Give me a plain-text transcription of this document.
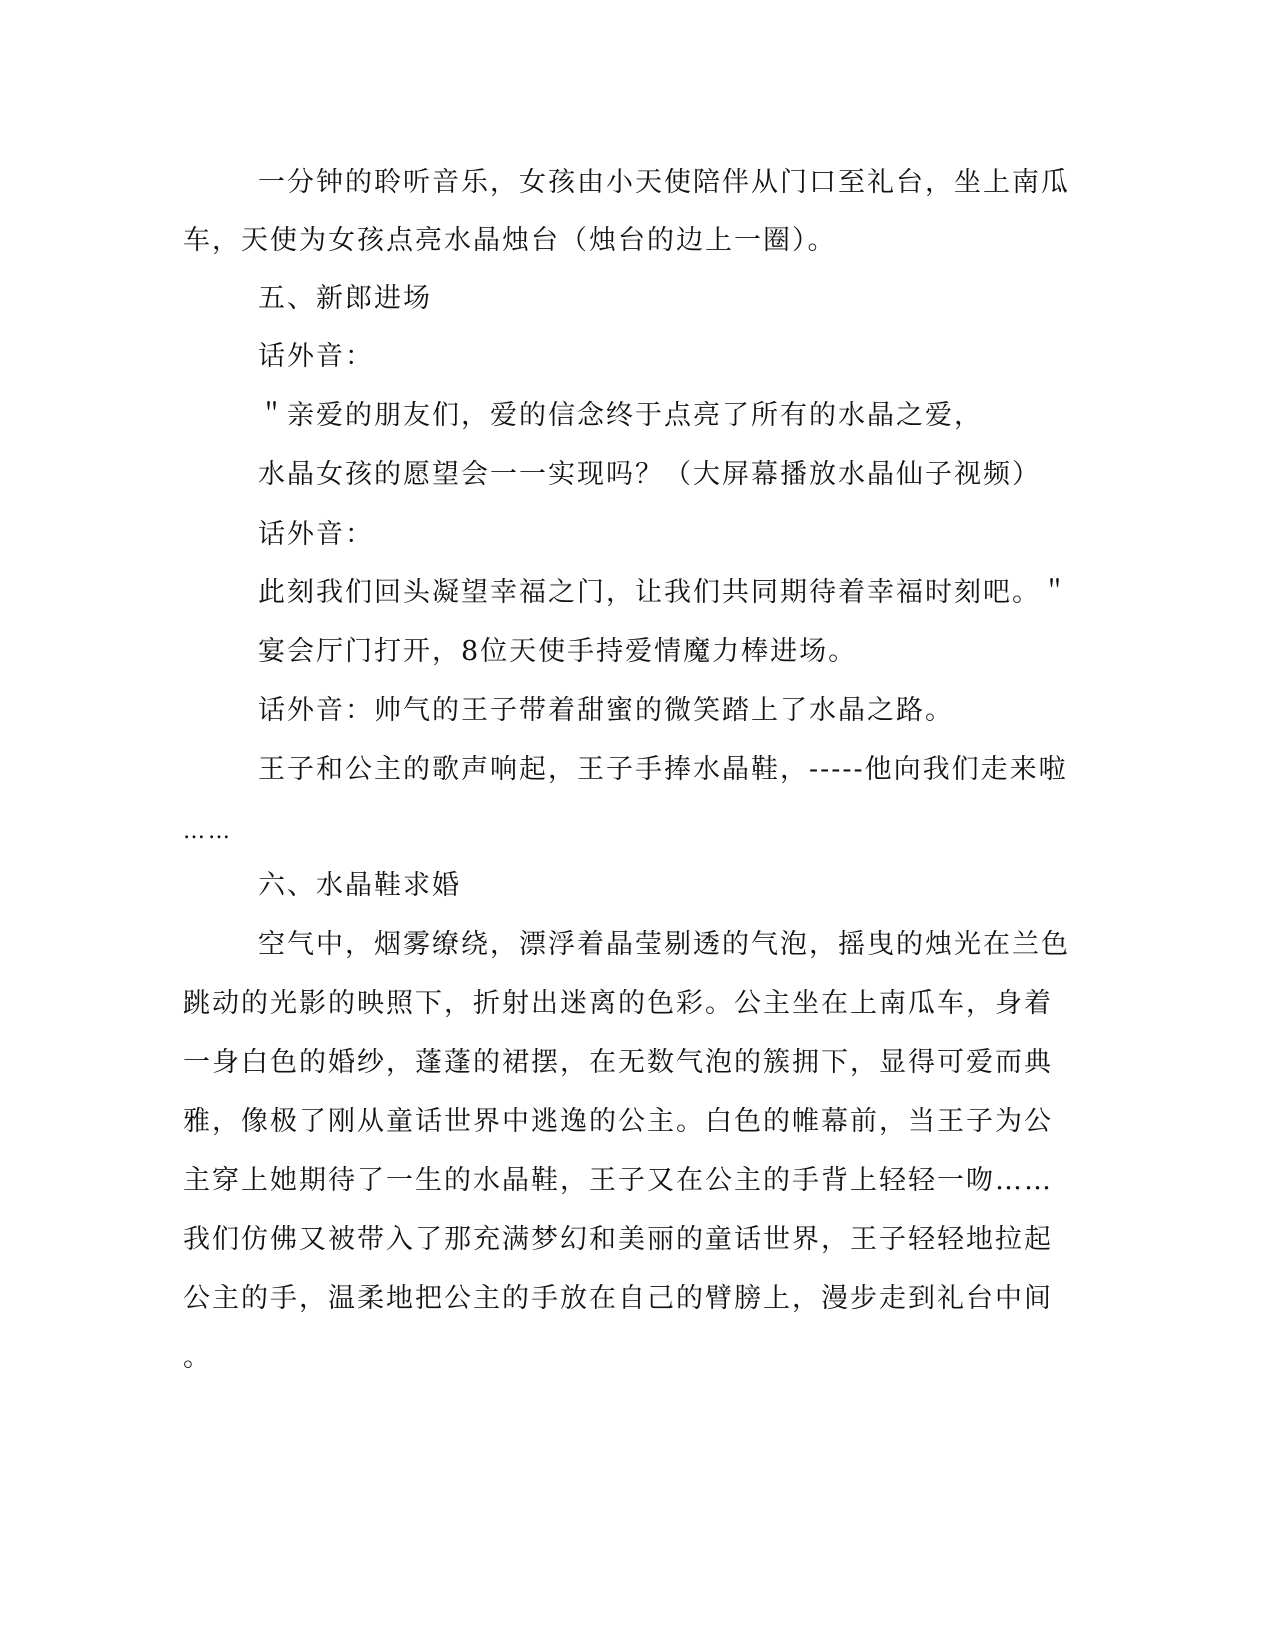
一分钟的聆听音乐，女孩由小天使陪伴从门口至礼台，坐上南瓜
车，天使为女孩点亮水晶烛台（烛台的边上一圈）。
五、新郎进场
话外音：
＂亲爱的朋友们，爱的信念终于点亮了所有的水晶之爱，
水晶女孩的愿望会一一实现吗？（大屏幕播放水晶仙子视频）
话外音：
此刻我们回头凝望幸福之门，让我们共同期待着幸福时刻吧。＂
宴会厅门打开，8位天使手持爱情魔力棒进场。
话外音：帅气的王子带着甜蜜的微笑踏上了水晶之路。
王子和公主的歌声响起，王子手捧水晶鞋，-----他向我们走来啦
……
六、水晶鞋求婚
空气中，烟雾缭绕，漂浮着晶莹剔透的气泡，摇曳的烛光在兰色
跳动的光影的映照下，折射出迷离的色彩。公主坐在上南瓜车，身着
一身白色的婚纱，蓬蓬的裙摆，在无数气泡的簇拥下，显得可爱而典
雅，像极了刚从童话世界中逃逸的公主。白色的帷幕前，当王子为公
主穿上她期待了一生的水晶鞋，王子又在公主的手背上轻轻一吻……
我们仿佛又被带入了那充满梦幻和美丽的童话世界，王子轻轻地拉起
公主的手，温柔地把公主的手放在自己的臂膀上，漫步走到礼台中间
。
